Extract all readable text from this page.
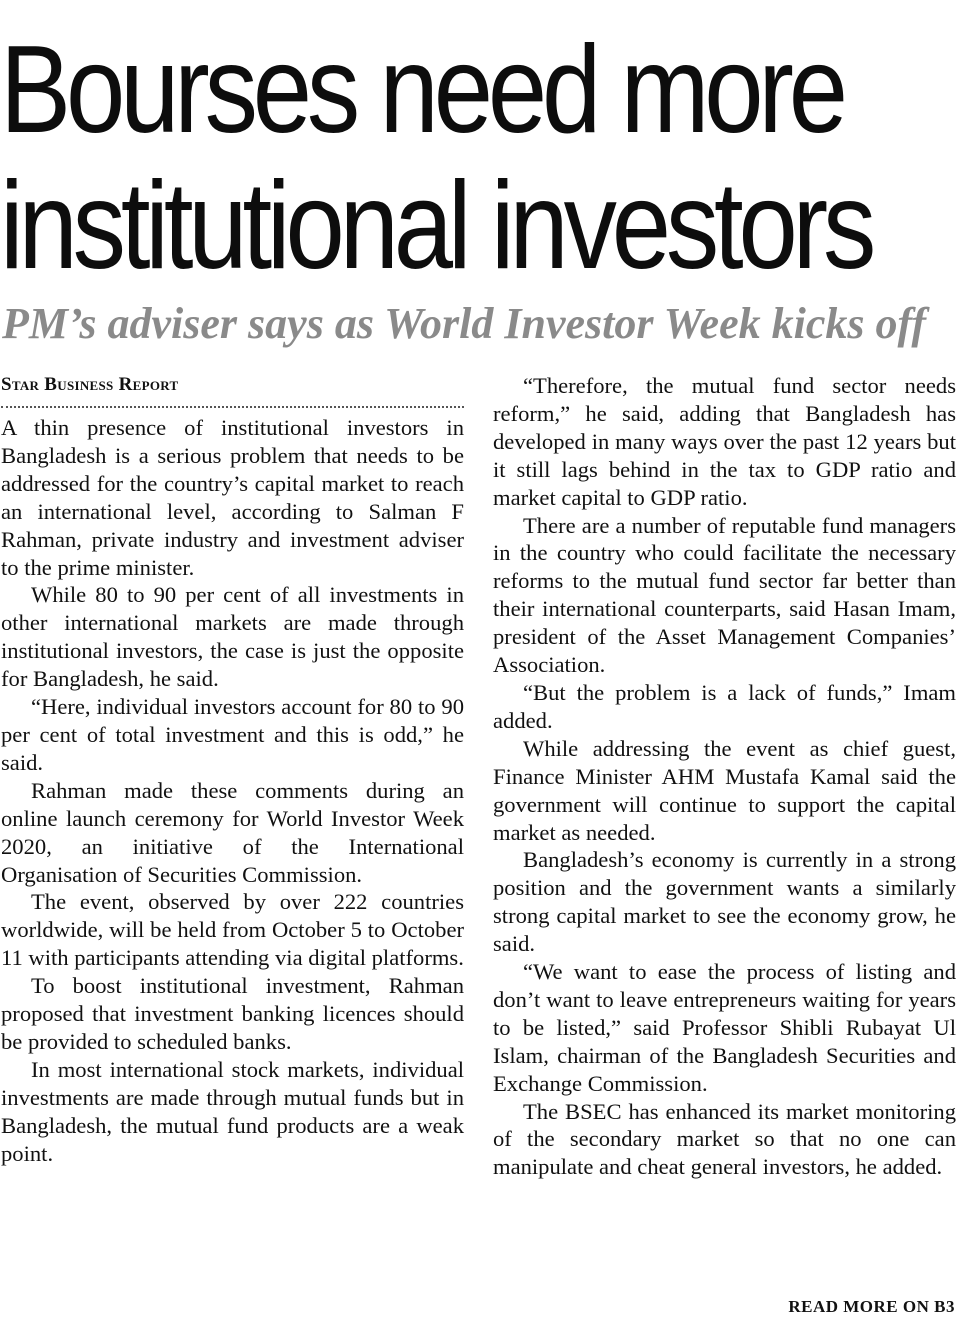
Bourses need more
institutional investors
PM’s adviser says as World Investor Week kicks off
Star Business Report

A thin presence of institutional investors in Bangladesh is a serious problem that needs to be addressed for the country’s capital market to reach an international level, according to Salman F Rahman, private industry and investment adviser to the prime minister.

While 80 to 90 per cent of all investments in other international markets are made through institutional investors, the case is just the opposite for Bangladesh, he said.

“Here, individual investors account for 80 to 90 per cent of total investment and this is odd,” he said.

Rahman made these comments during an online launch ceremony for World Investor Week 2020, an initiative of the International Organisation of Securities Commission.

The event, observed by over 222 countries worldwide, will be held from October 5 to October 11 with participants attending via digital platforms.

To boost institutional investment, Rahman proposed that investment banking licences should be provided to scheduled banks.

In most international stock markets, individual investments are made through mutual funds but in Bangladesh, the mutual fund products are a weak point.

“Therefore, the mutual fund sector needs reform,” he said, adding that Bangladesh has developed in many ways over the past 12 years but it still lags behind in the tax to GDP ratio and market capital to GDP ratio.

There are a number of reputable fund managers in the country who could facilitate the necessary reforms to the mutual fund sector far better than their international counterparts, said Hasan Imam, president of the Asset Management Companies’ Association.

“But the problem is a lack of funds,” Imam added.

While addressing the event as chief guest, Finance Minister AHM Mustafa Kamal said the government will continue to support the capital market as needed.

Bangladesh’s economy is currently in a strong position and the government wants a similarly strong capital market to see the economy grow, he said.

“We want to ease the process of listing and don’t want to leave entrepreneurs waiting for years to be listed,” said Professor Shibli Rubayat Ul Islam, chairman of the Bangladesh Securities and Exchange Commission.

The BSEC has enhanced its market monitoring of the secondary market so that no one can manipulate and cheat general investors, he added.

READ MORE ON B3
